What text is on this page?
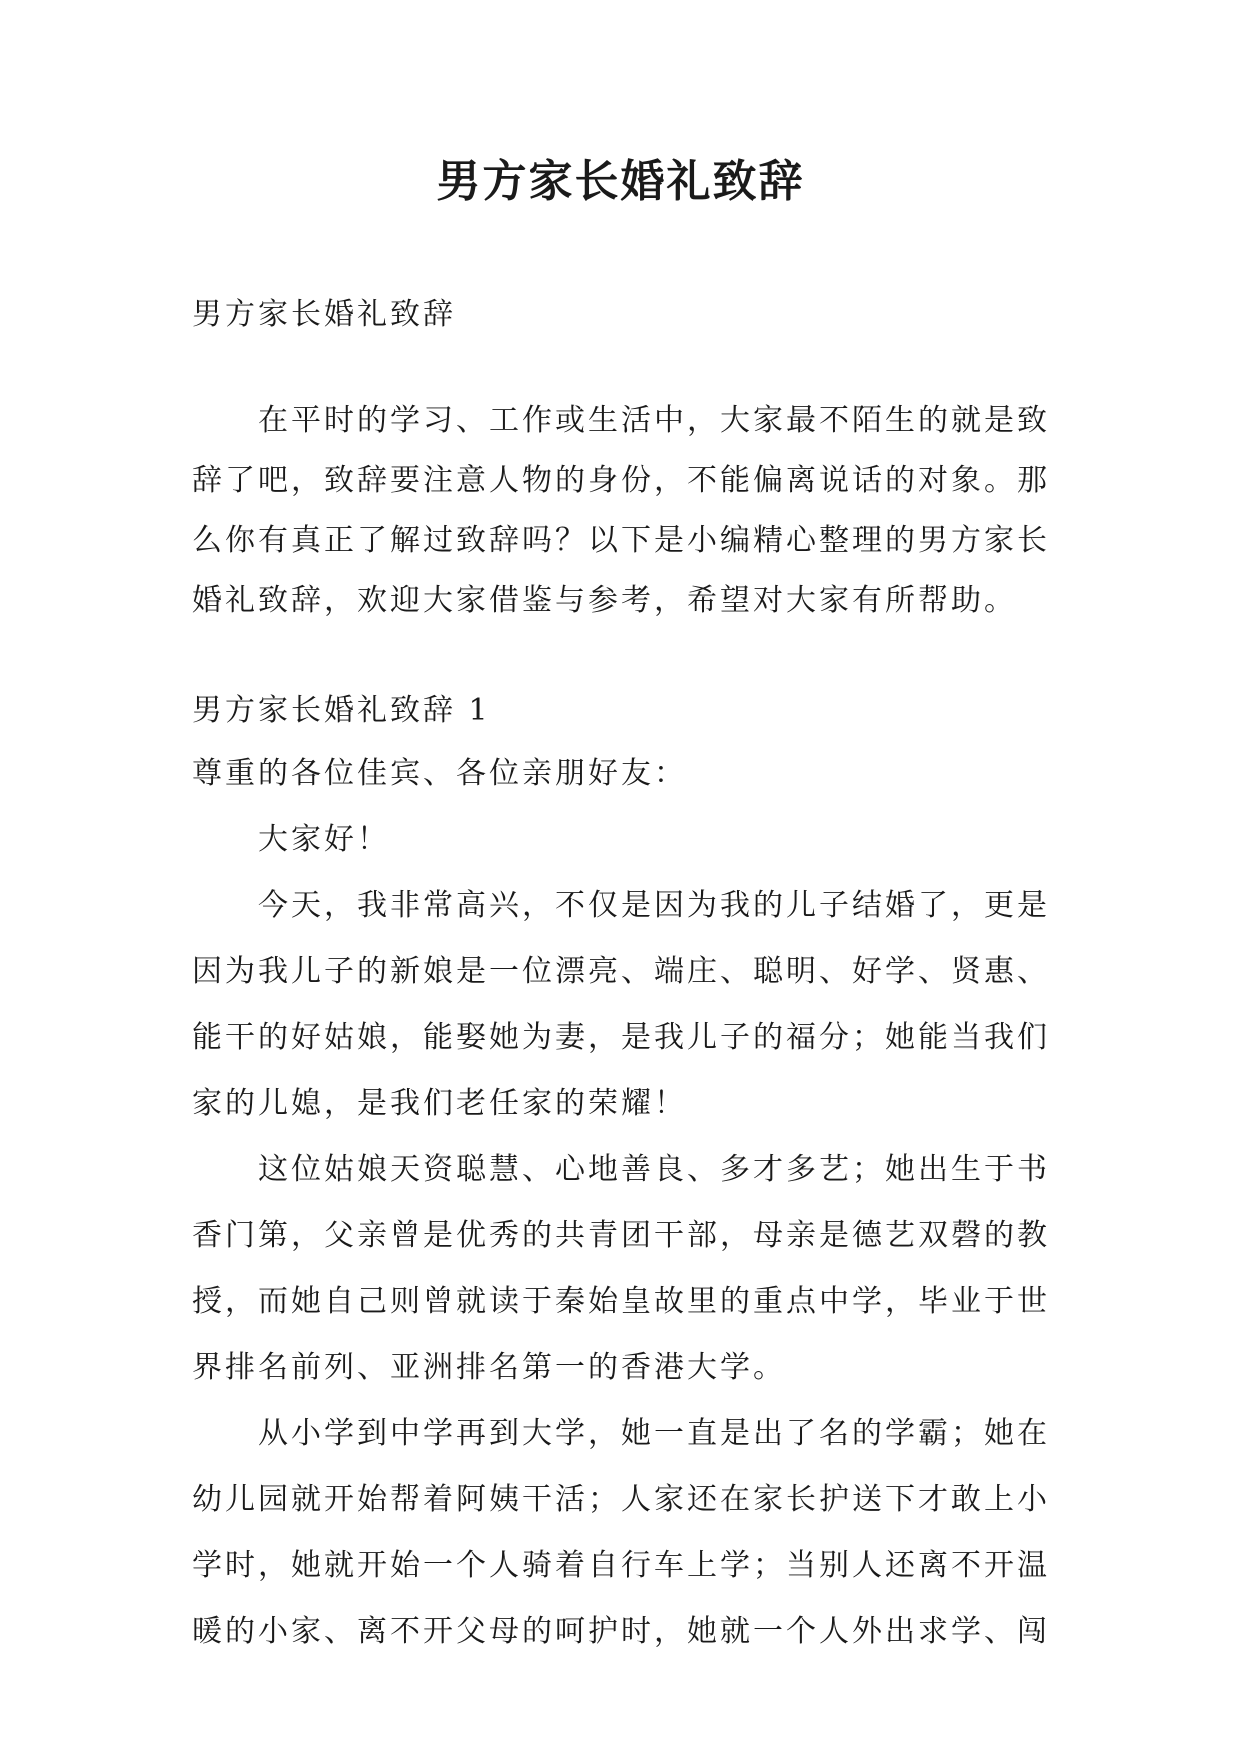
男方家长婚礼致辞

男方家长婚礼致辞

在平时的学习、工作或生活中，大家最不陌生的就是致辞了吧，致辞要注意人物的身份，不能偏离说话的对象。那么你有真正了解过致辞吗？以下是小编精心整理的男方家长婚礼致辞，欢迎大家借鉴与参考，希望对大家有所帮助。

男方家长婚礼致辞 1

尊重的各位佳宾、各位亲朋好友：

大家好！

今天，我非常高兴，不仅是因为我的儿子结婚了，更是因为我儿子的新娘是一位漂亮、端庄、聪明、好学、贤惠、能干的好姑娘，能娶她为妻，是我儿子的福分；她能当我们家的儿媳，是我们老任家的荣耀！

这位姑娘天资聪慧、心地善良、多才多艺；她出生于书香门第，父亲曾是优秀的共青团干部，母亲是德艺双磬的教授，而她自己则曾就读于秦始皇故里的重点中学，毕业于世界排名前列、亚洲排名第一的香港大学。

从小学到中学再到大学，她一直是出了名的学霸；她在幼儿园就开始帮着阿姨干活；人家还在家长护送下才敢上小学时，她就开始一个人骑着自行车上学；当别人还离不开温暖的小家、离不开父母的呵护时，她就一个人外出求学、闯
